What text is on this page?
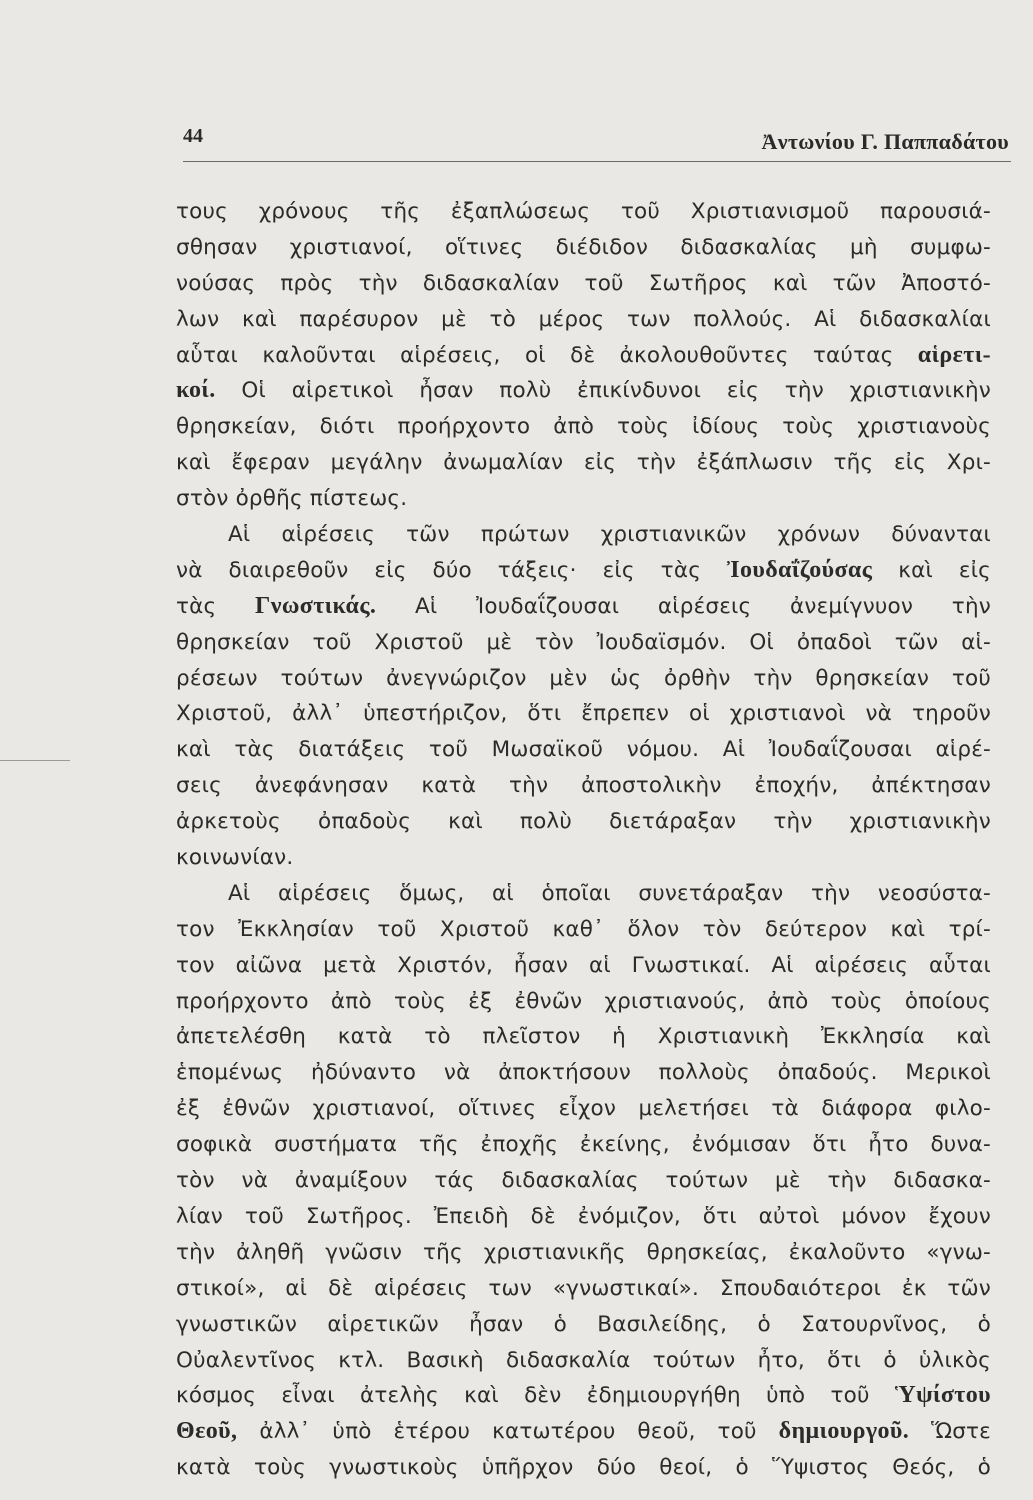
44	Ἀντωνίου Γ. Παππαδάτου
τους χρόνους τῆς ἐξαπλώσεως τοῦ Χριστιανισμοῦ παρουσιά-
σθησαν χριστιανοί, οἵτινες διέδιδον διδασκαλίας μὴ συμφω-
νούσας πρὸς τὴν διδασκαλίαν τοῦ Σωτῆρος καὶ τῶν Ἀποστό-
λων καὶ παρέσυρον μὲ τὸ μέρος των πολλούς. Αἱ διδασκαλίαι
αὗται καλοῦνται αἱρέσεις, οἱ δὲ ἀκολουθοῦντες ταύτας αἱρετι-
κοί. Οἱ αἱρετικοὶ ἦσαν πολὺ ἐπικίνδυνοι εἰς τὴν χριστιανικὴν
θρησκείαν, διότι προήρχοντο ἀπὸ τοὺς ἰδίους τοὺς χριστιανοὺς
καὶ ἔφεραν μεγάλην ἀνωμαλίαν εἰς τὴν ἐξάπλωσιν τῆς εἰς Χρι-
στὸν ὀρθῆς πίστεως.
Αἱ αἱρέσεις τῶν πρώτων χριστιανικῶν χρόνων δύνανται
νὰ διαιρεθοῦν εἰς δύο τάξεις· εἰς τὰς Ἰουδαΐζούσας καὶ εἰς
τὰς Γνωστικάς. Αἱ Ἰουδαΐζουσαι αἱρέσεις ἀνεμίγνυον τὴν
θρησκείαν τοῦ Χριστοῦ μὲ τὸν Ἰουδαϊσμόν. Οἱ ὀπαδοὶ τῶν αἱ-
ρέσεων τούτων ἀνεγνώριζον μὲν ὡς ὀρθὴν τὴν θρησκείαν τοῦ
Χριστοῦ, ἀλλ᾽ ὑπεστήριζον, ὅτι ἔπρεπεν οἱ χριστιανοὶ νὰ τηροῦν
καὶ τὰς διατάξεις τοῦ Μωσαϊκοῦ νόμου. Αἱ Ἰουδαΐζουσαι αἱρέ-
σεις ἀνεφάνησαν κατὰ τὴν ἀποστολικὴν ἐποχήν, ἀπέκτησαν
ἀρκετοὺς ὀπαδοὺς καὶ πολὺ διετάραξαν τὴν χριστιανικὴν
κοινωνίαν.
Αἱ αἱρέσεις ὅμως, αἱ ὁποῖαι συνετάραξαν τὴν νεοσύστα-
τον Ἐκκλησίαν τοῦ Χριστοῦ καθ᾽ ὅλον τὸν δεύτερον καὶ τρί-
τον αἰῶνα μετὰ Χριστόν, ἦσαν αἱ Γνωστικαί. Αἱ αἱρέσεις αὗται
προήρχοντο ἀπὸ τοὺς ἐξ ἐθνῶν χριστιανούς, ἀπὸ τοὺς ὁποίους
ἀπετελέσθη κατὰ τὸ πλεῖστον ἡ Χριστιανικὴ Ἐκκλησία καὶ
ἑπομένως ἠδύναντο νὰ ἀποκτήσουν πολλοὺς ὀπαδούς. Μερικοὶ
ἐξ ἐθνῶν χριστιανοί, οἵτινες εἶχον μελετήσει τὰ διάφορα φιλο-
σοφικὰ συστήματα τῆς ἐποχῆς ἐκείνης, ἐνόμισαν ὅτι ἦτο δυνα-
τὸν νὰ ἀναμίξουν τάς διδασκαλίας τούτων μὲ τὴν διδασκα-
λίαν τοῦ Σωτῆρος. Ἐπειδὴ δὲ ἐνόμιζον, ὅτι αὐτοὶ μόνον ἔχουν
τὴν ἀληθῆ γνῶσιν τῆς χριστιανικῆς θρησκείας, ἐκαλοῦντο «γνω-
στικοί», αἱ δὲ αἱρέσεις των «γνωστικαί». Σπουδαιότεροι ἐκ τῶν
γνωστικῶν αἱρετικῶν ἦσαν ὁ Βασιλείδης, ὁ Σατουρνῖνος, ὁ
Οὐαλεντῖνος κτλ. Βασικὴ διδασκαλία τούτων ἦτο, ὅτι ὁ ὑλικὸς
κόσμος εἶναι ἀτελὴς καὶ δὲν ἐδημιουργήθη ὑπὸ τοῦ Ὑψίστου
Θεοῦ, ἀλλ᾽ ὑπὸ ἑτέρου κατωτέρου θεοῦ, τοῦ δημιουργοῦ. Ὥστε
κατὰ τοὺς γνωστικοὺς ὑπῆρχον δύο θεοί, ὁ Ὕψιστος Θεός, ὁ
